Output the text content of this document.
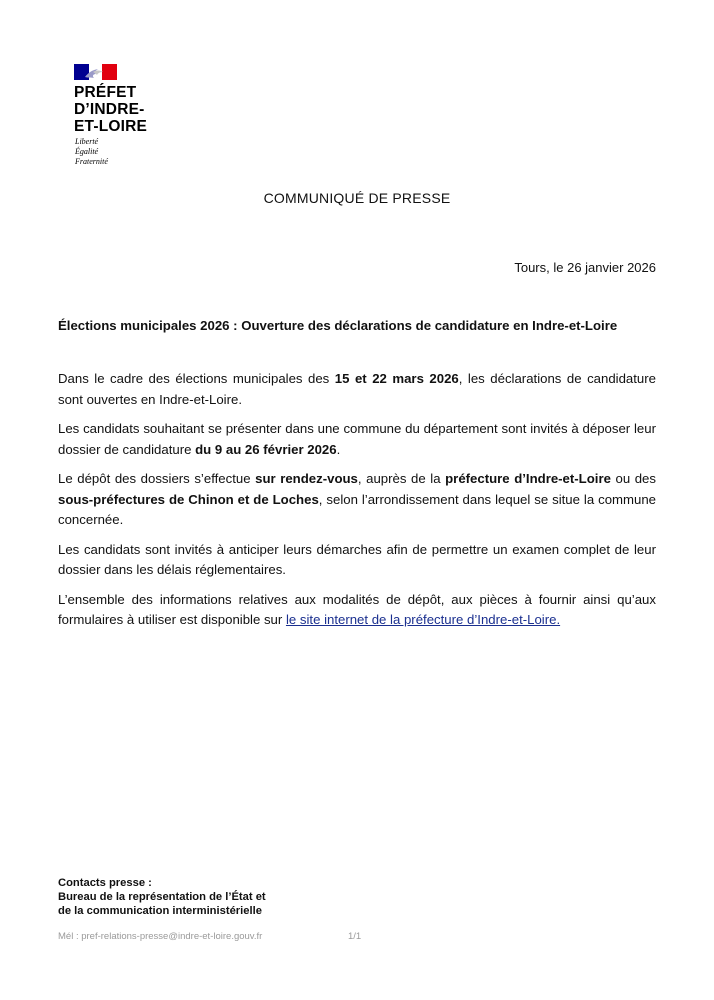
PRÉFET
D’INDRE-
ET-LOIRE
Liberté
Égalité
Fraternité
COMMUNIQUÉ DE PRESSE
Tours, le 26 janvier 2026
Élections municipales 2026 : Ouverture des déclarations de candidature en Indre-et-Loire

Dans le cadre des élections municipales des 15 et 22 mars 2026, les déclarations de candidature sont ouvertes en Indre-et-Loire.

Les candidats souhaitant se présenter dans une commune du département sont invités à déposer leur dossier de candidature du 9 au 26 février 2026.

Le dépôt des dossiers s’effectue sur rendez-vous, auprès de la préfecture d’Indre-et-Loire ou des sous-préfectures de Chinon et de Loches, selon l’arrondissement dans lequel se situe la commune concernée.

Les candidats sont invités à anticiper leurs démarches afin de permettre un examen complet de leur dossier dans les délais réglementaires.

L’ensemble des informations relatives aux modalités de dépôt, aux pièces à fournir ainsi qu’aux formulaires à utiliser est disponible sur le site internet de la préfecture d’Indre-et-Loire.

Contacts presse :
Bureau de la représentation de l’État et
de la communication interministérielle
Mél : pref-relations-presse@indre-et-loire.gouv.fr	1/1
